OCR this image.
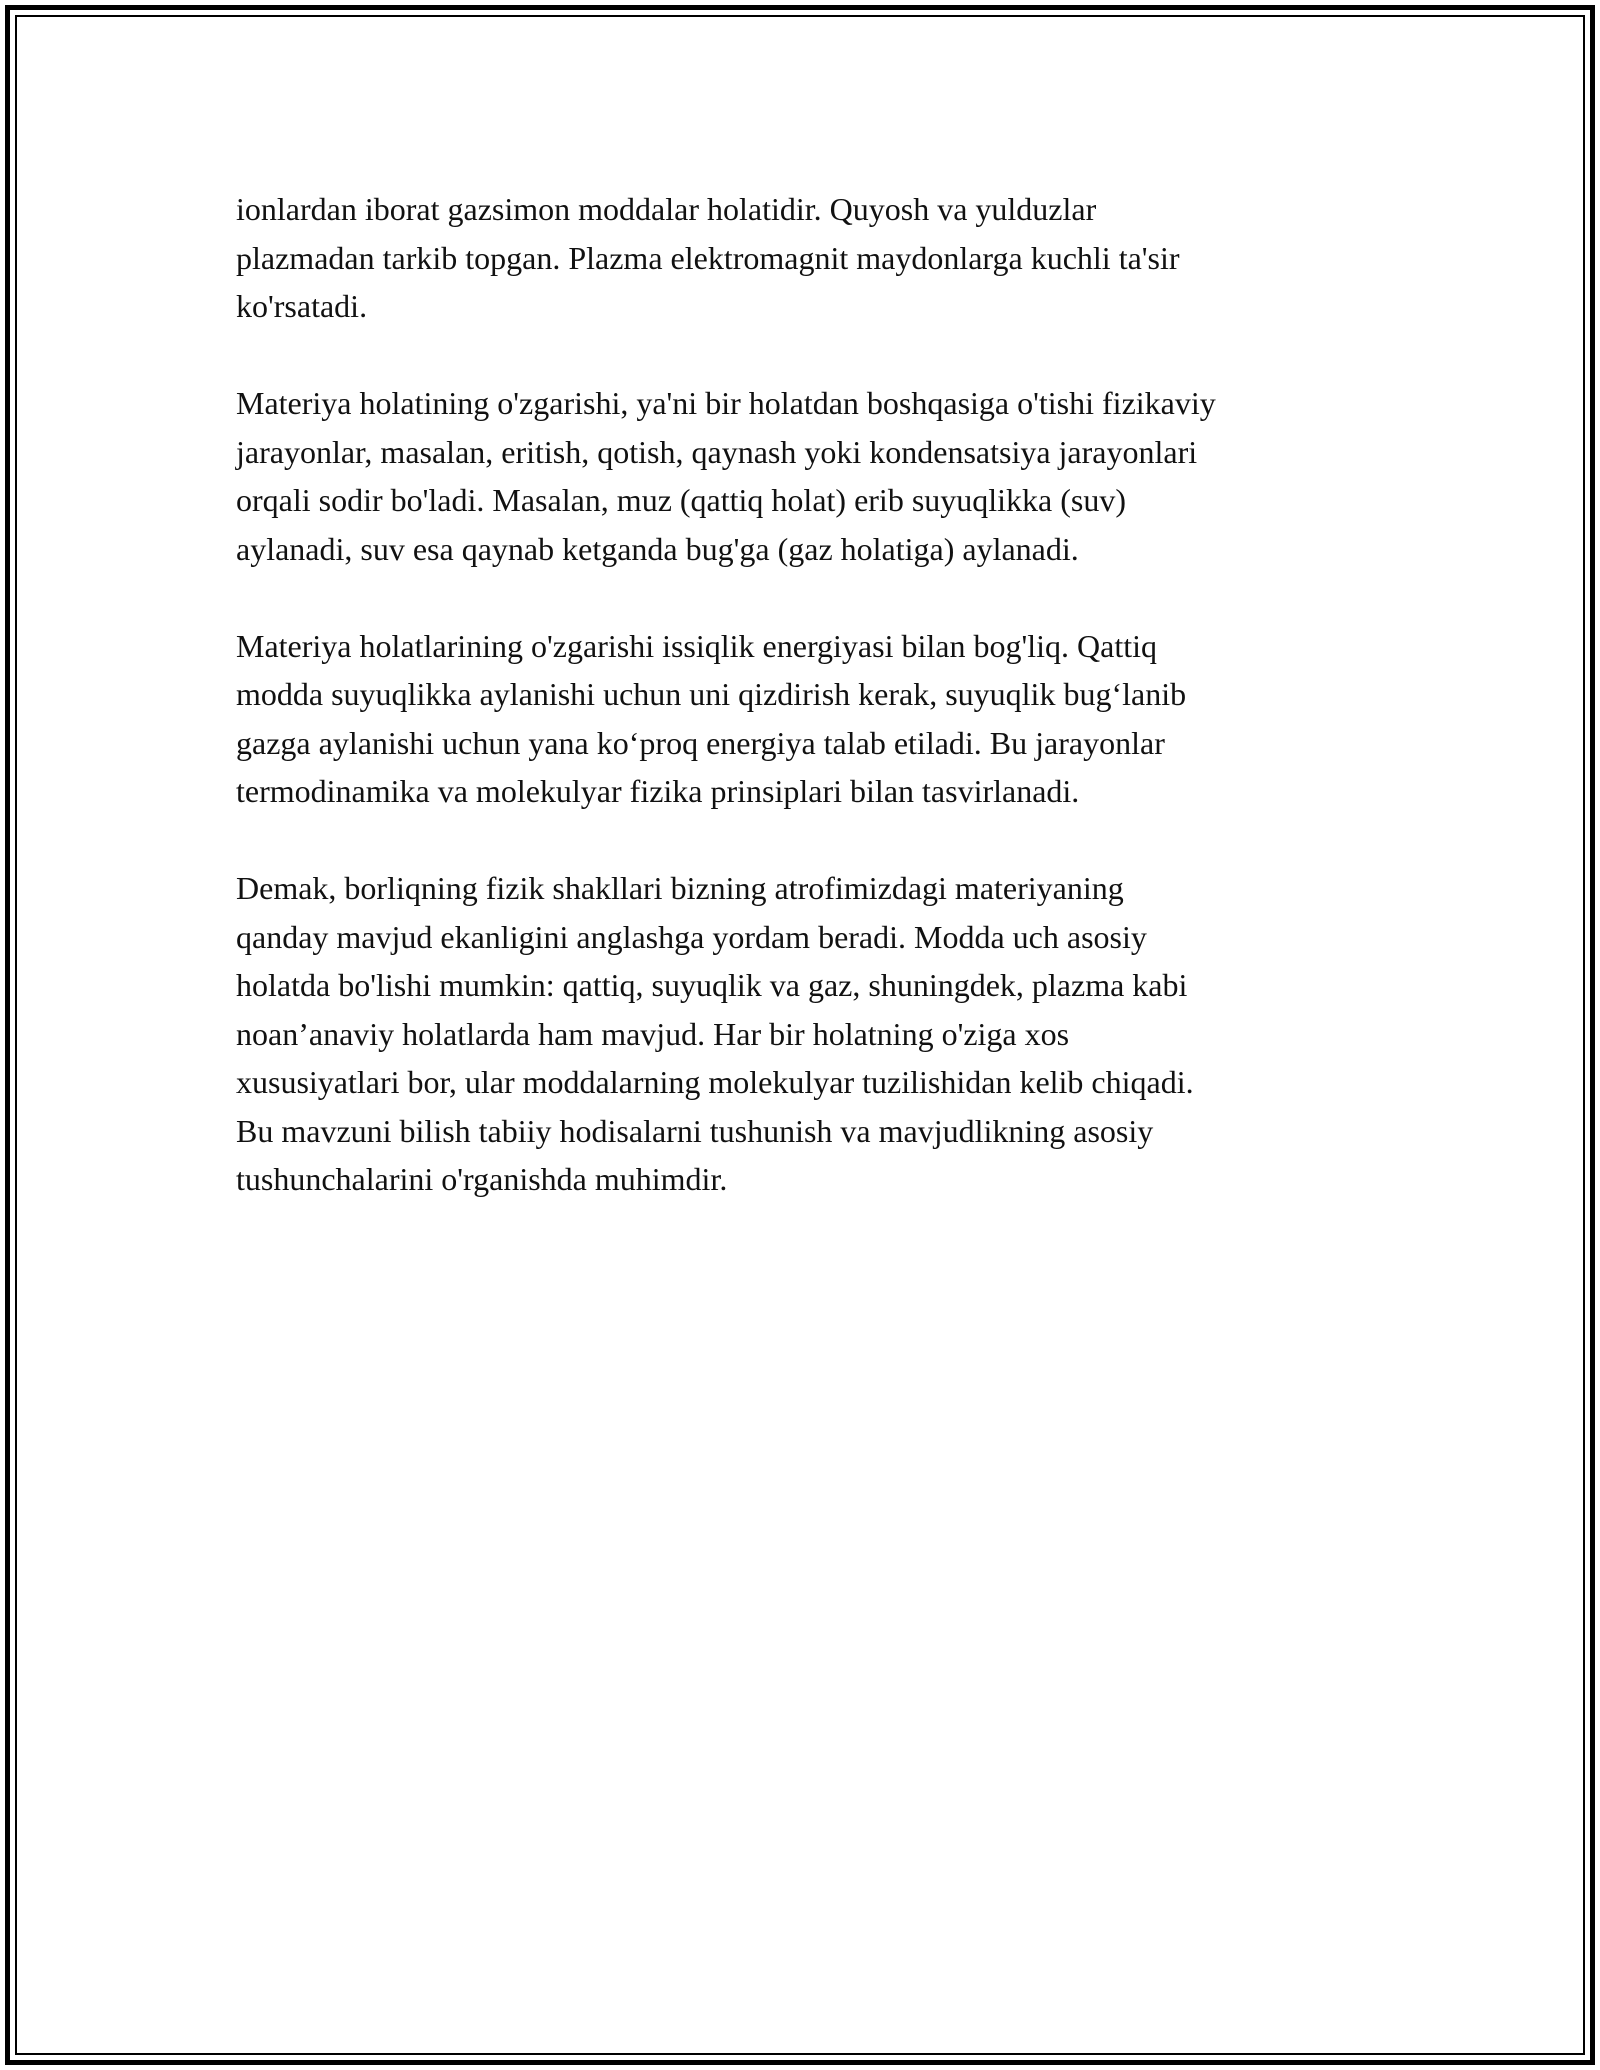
ionlardan iborat gazsimon moddalar holatidir. Quyosh va yulduzlar
plazmadan tarkib topgan. Plazma elektromagnit maydonlarga kuchli ta'sir
ko'rsatadi.

Materiya holatining o'zgarishi, ya'ni bir holatdan boshqasiga o'tishi fizikaviy
jarayonlar, masalan, eritish, qotish, qaynash yoki kondensatsiya jarayonlari
orqali sodir bo'ladi. Masalan, muz (qattiq holat) erib suyuqlikka (suv)
aylanadi, suv esa qaynab ketganda bug'ga (gaz holatiga) aylanadi.

Materiya holatlarining o'zgarishi issiqlik energiyasi bilan bog'liq. Qattiq
modda suyuqlikka aylanishi uchun uni qizdirish kerak, suyuqlik bug‘lanib
gazga aylanishi uchun yana ko‘proq energiya talab etiladi. Bu jarayonlar
termodinamika va molekulyar fizika prinsiplari bilan tasvirlanadi.

Demak, borliqning fizik shakllari bizning atrofimizdagi materiyaning
qanday mavjud ekanligini anglashga yordam beradi. Modda uch asosiy
holatda bo'lishi mumkin: qattiq, suyuqlik va gaz, shuningdek, plazma kabi
noan’anaviy holatlarda ham mavjud. Har bir holatning o'ziga xos
xususiyatlari bor, ular moddalarning molekulyar tuzilishidan kelib chiqadi.
Bu mavzuni bilish tabiiy hodisalarni tushunish va mavjudlikning asosiy
tushunchalarini o'rganishda muhimdir.
